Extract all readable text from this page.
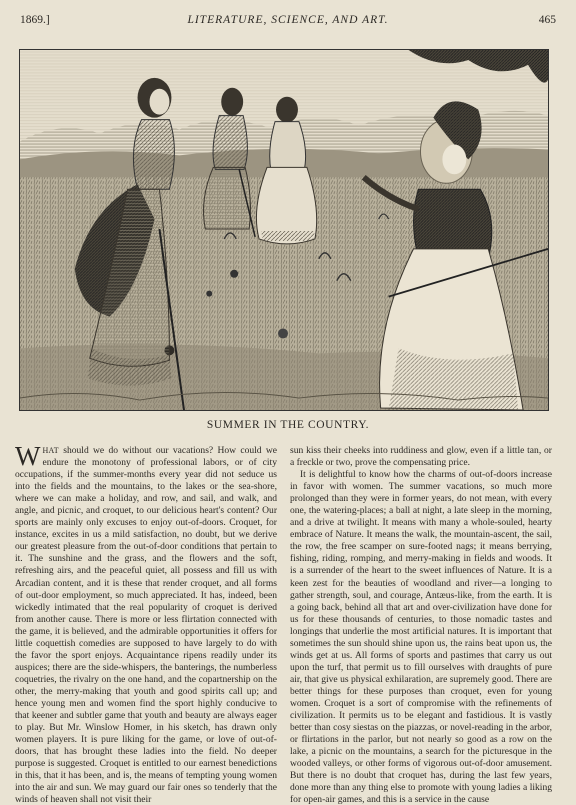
1869.]	LITERATURE, SCIENCE, AND ART.	465
SUMMER IN THE COUNTRY.

WHAT should we do without our vacations? How could we endure the monotony of professional labors, or of city occupations, if the summer-months every year did not seduce us into the fields and the mountains, to the lakes or the sea-shore, where we can make a holiday, and row, and sail, and walk, and angle, and picnic, and croquet, to our delicious heart's content? Our sports are mainly only excuses to enjoy out-of-doors. Croquet, for instance, excites in us a mild satisfaction, no doubt, but we derive our greatest pleasure from the out-of-door conditions that pertain to it. The sunshine and the grass, and the flowers and the soft, refreshing airs, and the peaceful quiet, all possess and fill us with Arcadian content, and it is these that render croquet, and all forms of out-door employment, so much appreciated. It has, indeed, been wickedly intimated that the real popularity of croquet is derived from another cause. There is more or less flirtation connected with the game, it is believed, and the admirable opportunities it offers for little coquettish comedies are supposed to have largely to do with the favor the sport enjoys. Acquaintance ripens readily under its auspices; there are the side-whispers, the banterings, the numberless coquetries, the rivalry on the one hand, and the copartnership on the other, the merry-making that youth and good spirits call up; and hence young men and women find the sport highly conducive to that keener and subtler game that youth and beauty are always eager to play. But Mr. Winslow Homer, in his sketch, has drawn only women players. It is pure liking for the game, or love of out-of-doors, that has brought these ladies into the field. No deeper purpose is suggested. Croquet is entitled to our earnest benedictions in this, that it has been, and is, the means of tempting young women into the air and sun. We may guard our fair ones so tenderly that the winds of heaven shall not visit their

sun kiss their cheeks into ruddiness and glow, even if a little tan, or a freckle or two, prove the compensating price.

It is delightful to know how the charms of out-of-doors increase in favor with women. The summer vacations, so much more prolonged than they were in former years, do not mean, with every one, the watering-places; a ball at night, a late sleep in the morning, and a drive at twilight. It means with many a whole-souled, hearty embrace of Nature. It means the walk, the mountain-ascent, the sail, the row, the free scamper on sure-footed nags; it means berrying, fishing, riding, romping, and merry-making in fields and woods. It is a surrender of the heart to the sweet influences of Nature. It is a keen zest for the beauties of woodland and river—a longing to gather strength, soul, and courage, Antæus-like, from the earth. It is a going back, behind all that art and over-civilization have done for us for these thousands of centuries, to those nomadic tastes and longings that underlie the most artificial natures. It is important that sometimes the sun should shine upon us, the rains beat upon us, the winds get at us. All forms of sports and pastimes that carry us out upon the turf, that permit us to fill ourselves with draughts of pure air, that give us physical exhilaration, are supremely good. There are better things for these purposes than croquet, even for young women. Croquet is a sort of compromise with the refinements of civilization. It permits us to be elegant and fastidious. It is vastly better than cosy siestas on the piazzas, or novel-reading in the arbor, or flirtations in the parlor, but not nearly so good as a row on the lake, a picnic on the mountains, a search for the picturesque in the wooded valleys, or other forms of vigorous out-of-door amusement. But there is no doubt that croquet has, during the last few years, done more than any thing else to promote with young ladies a liking for open-air games, and this is a service in the cause
